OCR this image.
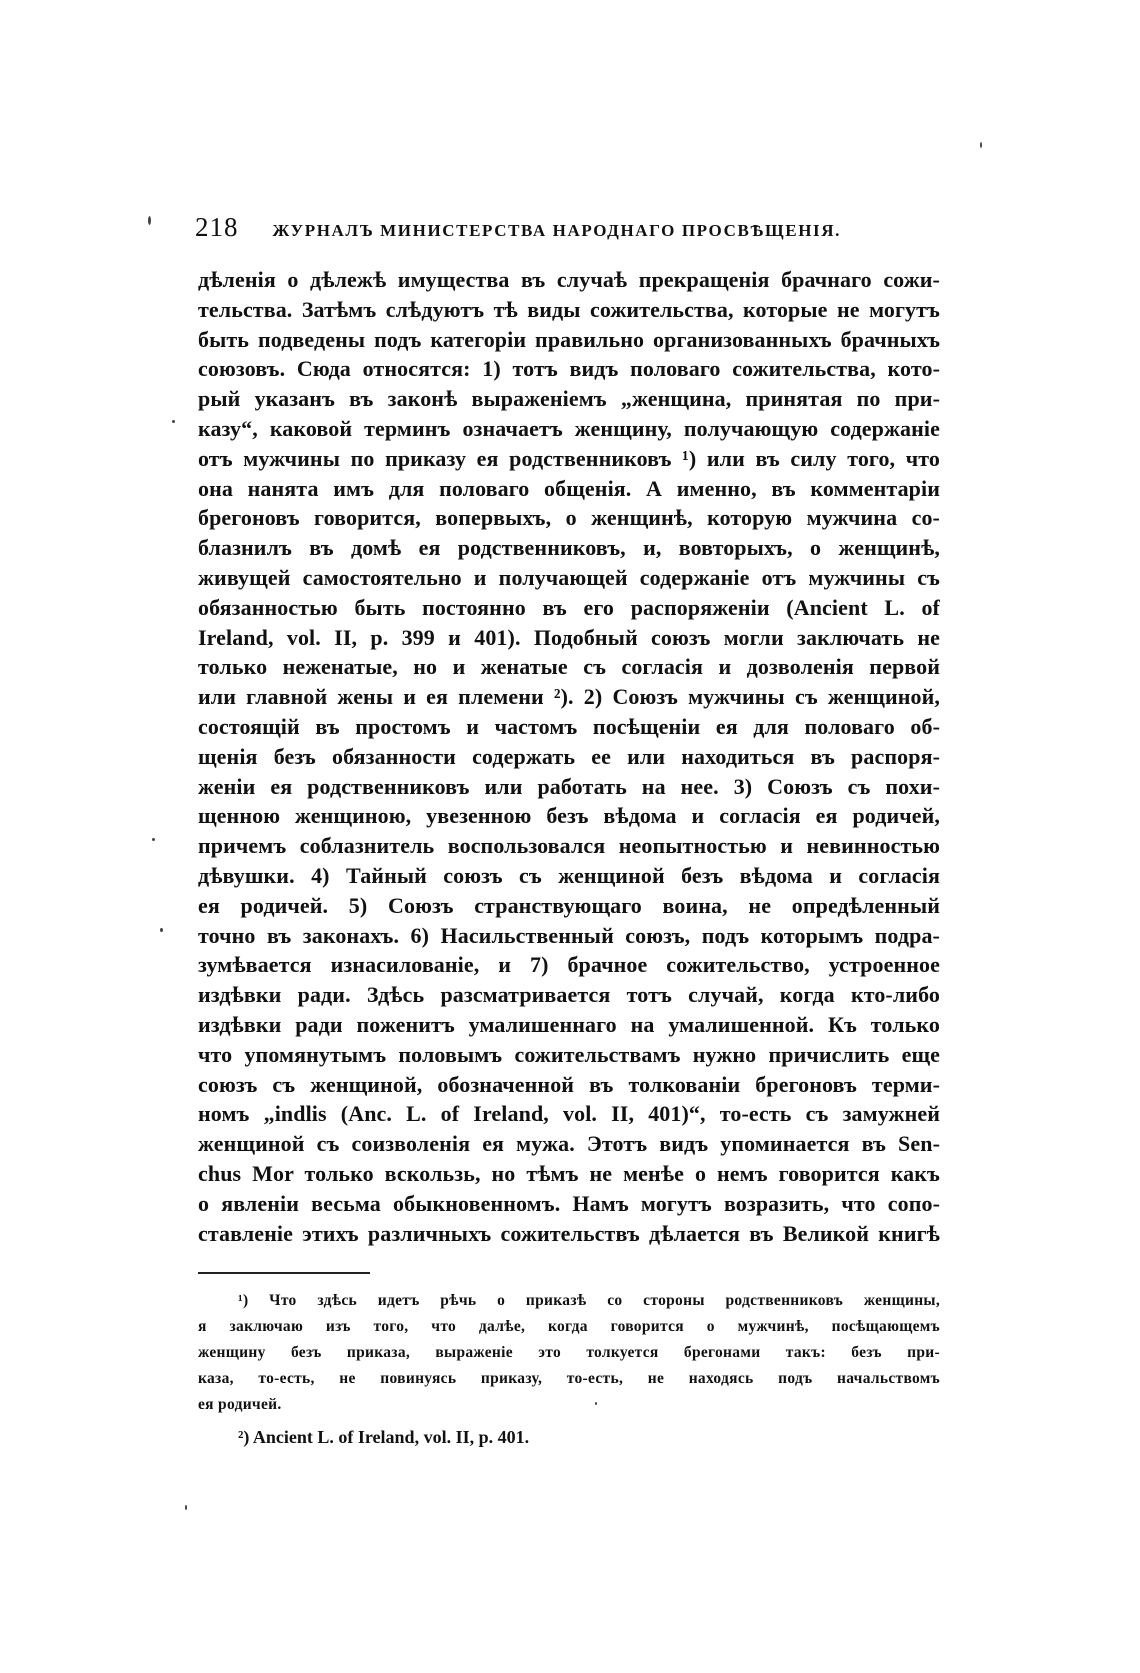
218 ЖУРНАЛЪ МИНИСТЕРСТВА НАРОДНАГО ПРОСВѢЩЕНІЯ.
дѣленія о дѣлежѣ имущества въ случаѣ прекращенія брачнаго сожи-
тельства. Затѣмъ слѣдуютъ тѣ виды сожительства, которые не могутъ
быть подведены подъ категоріи правильно организованныхъ брачныхъ
союзовъ. Сюда относятся: 1) тотъ видъ половаго сожительства, кото-
рый указанъ въ законѣ выраженіемъ „женщина, принятая по при-
казу“, каковой терминъ означаетъ женщину, получающую содержаніе
отъ мужчины по приказу ея родственниковъ ¹) или въ силу того, что
она нанята имъ для половаго общенія. А именно, въ комментаріи
брегоновъ говорится, вопервыхъ, о женщинѣ, которую мужчина со-
блазнилъ въ домѣ ея родственниковъ, и, вовторыхъ, о женщинѣ,
живущей самостоятельно и получающей содержаніе отъ мужчины съ
обязанностью быть постоянно въ его распоряженіи (Ancient L. of
Ireland, vol. II, p. 399 и 401). Подобный союзъ могли заключать не
только неженатые, но и женатые съ согласія и дозволенія первой
или главной жены и ея племени ²). 2) Союзъ мужчины съ женщиной,
состоящій въ простомъ и частомъ посѣщеніи ея для половаго об-
щенія безъ обязанности содержать ее или находиться въ распоря-
женіи ея родственниковъ или работать на нее. 3) Союзъ съ похи-
щенною женщиною, увезенною безъ вѣдома и согласія ея родичей,
причемъ соблазнитель воспользовался неопытностью и невинностью
дѣвушки. 4) Тайный союзъ съ женщиной безъ вѣдома и согласія
ея родичей. 5) Союзъ странствующаго воина, не опредѣленный
точно въ законахъ. 6) Насильственный союзъ, подъ которымъ подра-
зумѣвается изнасилованіе, и 7) брачное сожительство, устроенное
издѣвки ради. Здѣсь разсматривается тотъ случай, когда кто-либо
издѣвки ради поженитъ умалишеннаго на умалишенной. Къ только
что упомянутымъ половымъ сожительствамъ нужно причислить еще
союзъ съ женщиной, обозначенной въ толкованіи брегоновъ терми-
номъ „indlis (Anc. L. of Ireland, vol. II, 401)“, то-есть съ замужней
женщиной съ соизволенія ея мужа. Этотъ видъ упоминается въ Sen-
chus Mor только вскользь, но тѣмъ не менѣе о немъ говорится какъ
о явленіи весьма обыкновенномъ. Намъ могутъ возразить, что сопо-
ставленіе этихъ различныхъ сожительствъ дѣлается въ Великой книгѣ
¹) Что здѣсь идетъ рѣчь о приказѣ со стороны родственниковъ женщины,
я заключаю изъ того, что далѣе, когда говорится о мужчинѣ, посѣщающемъ
женщину безъ приказа, выраженіе это толкуется брегонами такъ: безъ при-
каза, то-есть, не повинуясь приказу, то-есть, не находясь подъ начальствомъ
ея родичей.
²) Ancient L. of Ireland, vol. II, p. 401.
